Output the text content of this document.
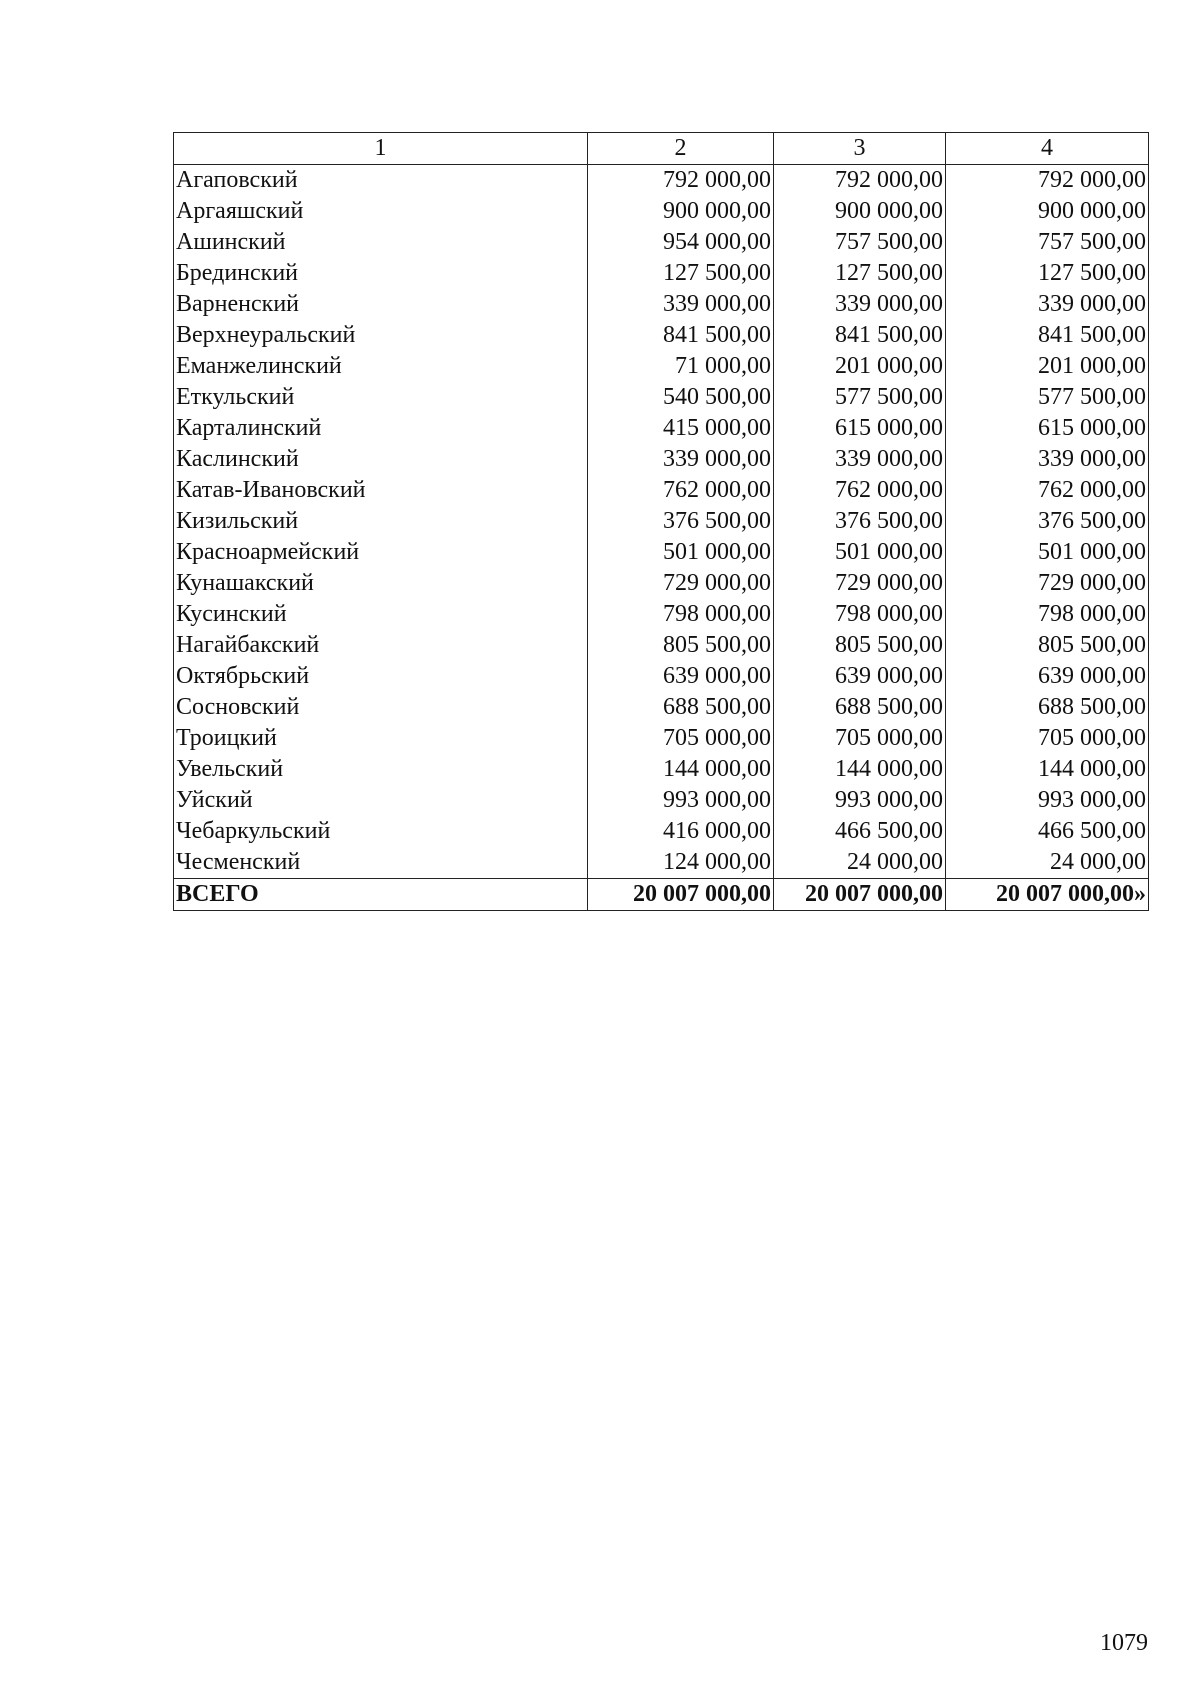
1	2	3	4
Агаповский	792 000,00	792 000,00	792 000,00
Аргаяшский	900 000,00	900 000,00	900 000,00
Ашинский	954 000,00	757 500,00	757 500,00
Брединский	127 500,00	127 500,00	127 500,00
Варненский	339 000,00	339 000,00	339 000,00
Верхнеуральский	841 500,00	841 500,00	841 500,00
Еманжелинский	71 000,00	201 000,00	201 000,00
Еткульский	540 500,00	577 500,00	577 500,00
Карталинский	415 000,00	615 000,00	615 000,00
Каслинский	339 000,00	339 000,00	339 000,00
Катав-Ивановский	762 000,00	762 000,00	762 000,00
Кизильский	376 500,00	376 500,00	376 500,00
Красноармейский	501 000,00	501 000,00	501 000,00
Кунашакский	729 000,00	729 000,00	729 000,00
Кусинский	798 000,00	798 000,00	798 000,00
Нагайбакский	805 500,00	805 500,00	805 500,00
Октябрьский	639 000,00	639 000,00	639 000,00
Сосновский	688 500,00	688 500,00	688 500,00
Троицкий	705 000,00	705 000,00	705 000,00
Увельский	144 000,00	144 000,00	144 000,00
Уйский	993 000,00	993 000,00	993 000,00
Чебаркульский	416 000,00	466 500,00	466 500,00
Чесменский	124 000,00	24 000,00	24 000,00
ВСЕГО	20 007 000,00	20 007 000,00	20 007 000,00»
1079
